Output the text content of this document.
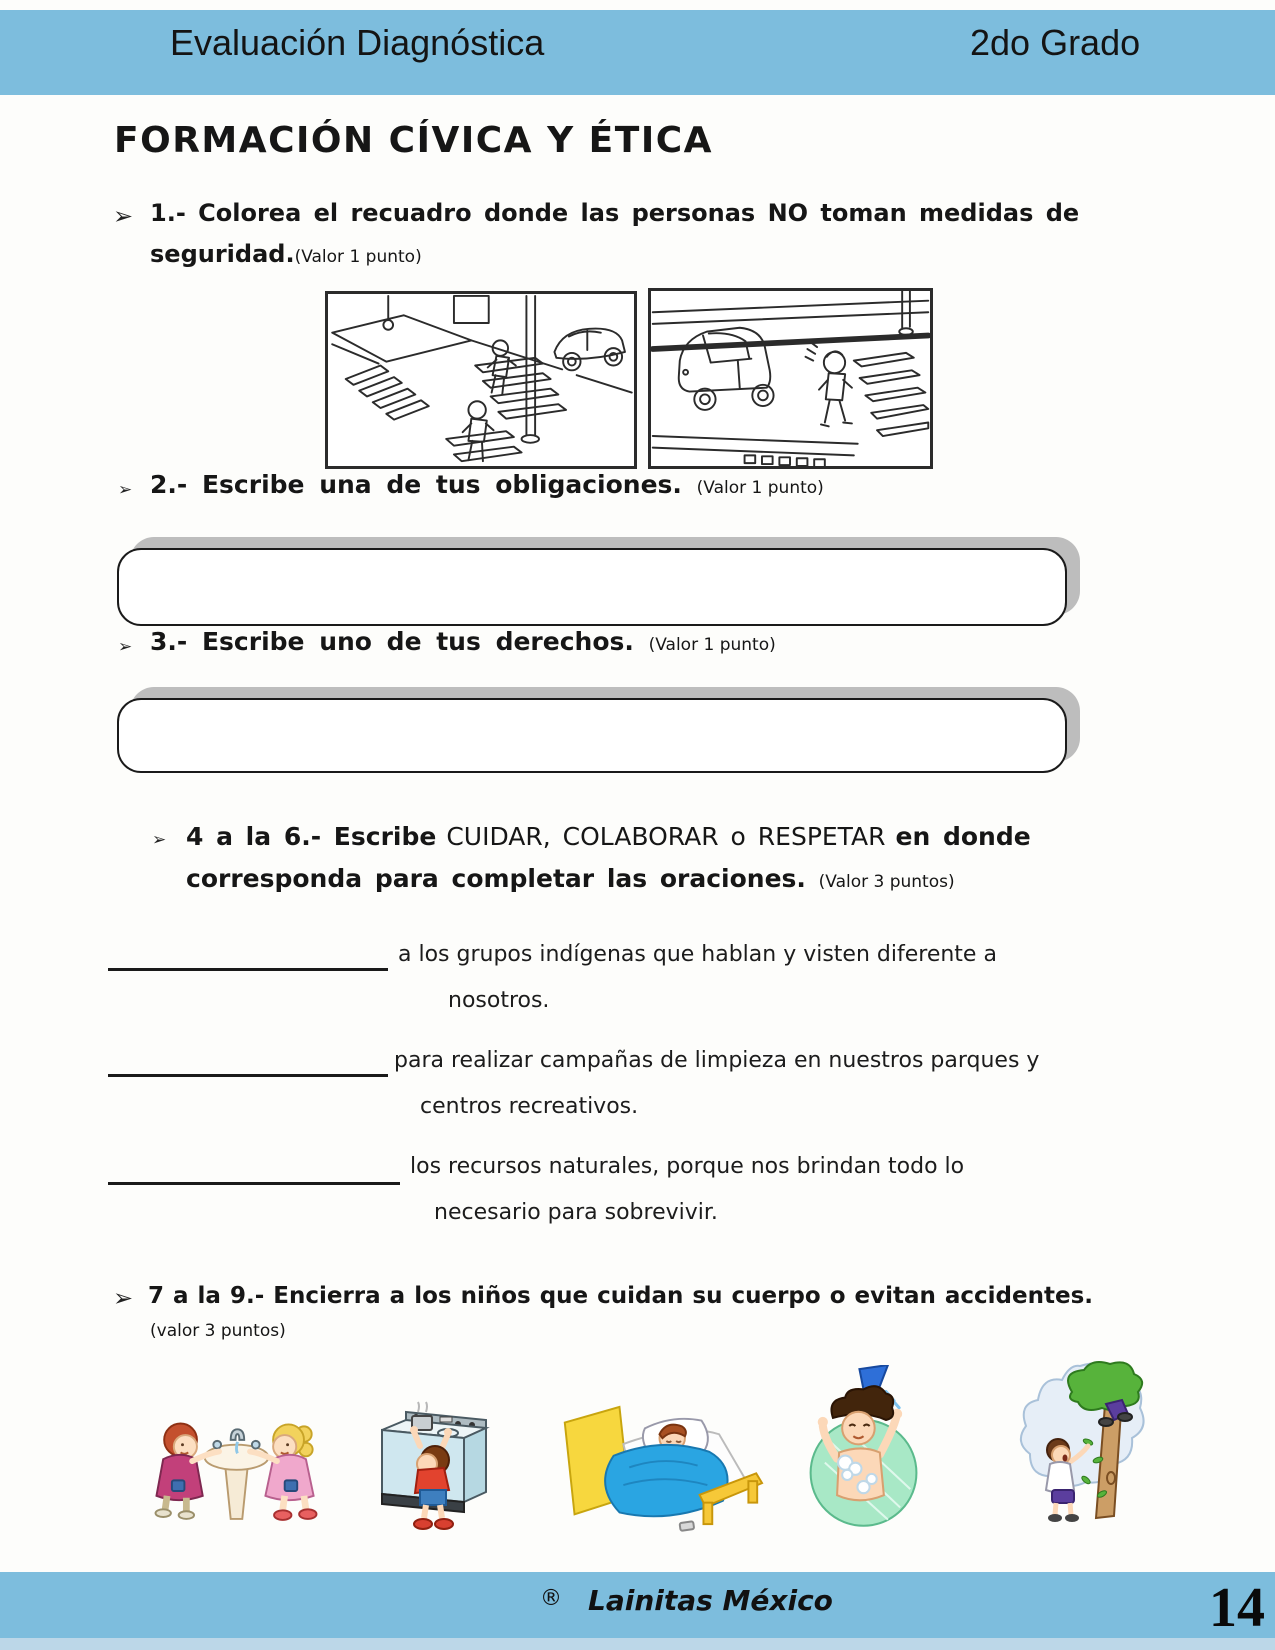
Evaluación Diagnóstica	2do Grado
FORMACIÓN CÍVICA Y ÉTICA
➢ 1.- Colorea el recuadro donde las personas NO toman medidas de
seguridad.(Valor 1 punto)
➢ 2.- Escribe una de tus obligaciones. (Valor 1 punto)
➢ 3.- Escribe uno de tus derechos. (Valor 1 punto)
➢ 4 a la 6.- Escribe CUIDAR, COLABORAR o RESPETAR en donde
corresponda para completar las oraciones. (Valor 3 puntos)
a los grupos indígenas que hablan y visten diferente a
nosotros.
para realizar campañas de limpieza en nuestros parques y
centros recreativos.
los recursos naturales, porque nos brindan todo lo
necesario para sobrevivir.
➢ 7 a la 9.- Encierra a los niños que cuidan su cuerpo o evitan accidentes.
(valor 3 puntos)
® Lainitas México	14
